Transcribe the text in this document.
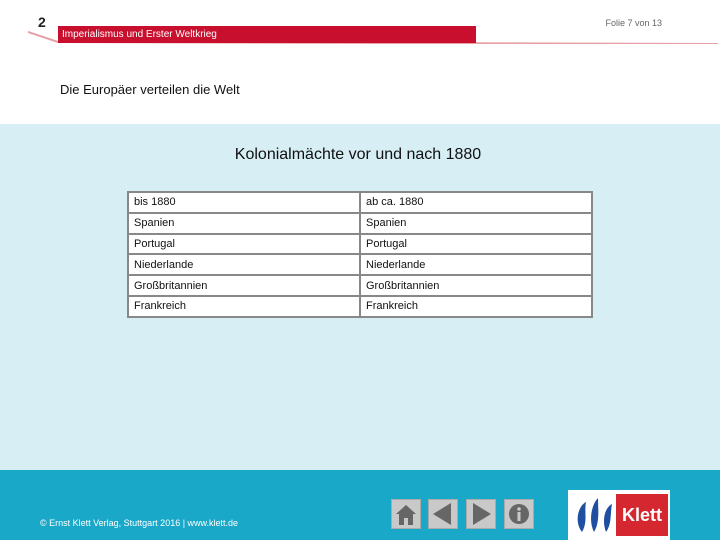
2	Folie 7 von 13
Imperialismus und Erster Weltkrieg
Die Europäer verteilen die Welt
Kolonialmächte vor und nach 1880
bis 1880	ab ca. 1880
Spanien	Spanien
Portugal	Portugal
Niederlande	Niederlande
Großbritannien	Großbritannien
Frankreich	Frankreich
© Ernst Klett Verlag, Stuttgart 2016 | www.klett.de	Klett
